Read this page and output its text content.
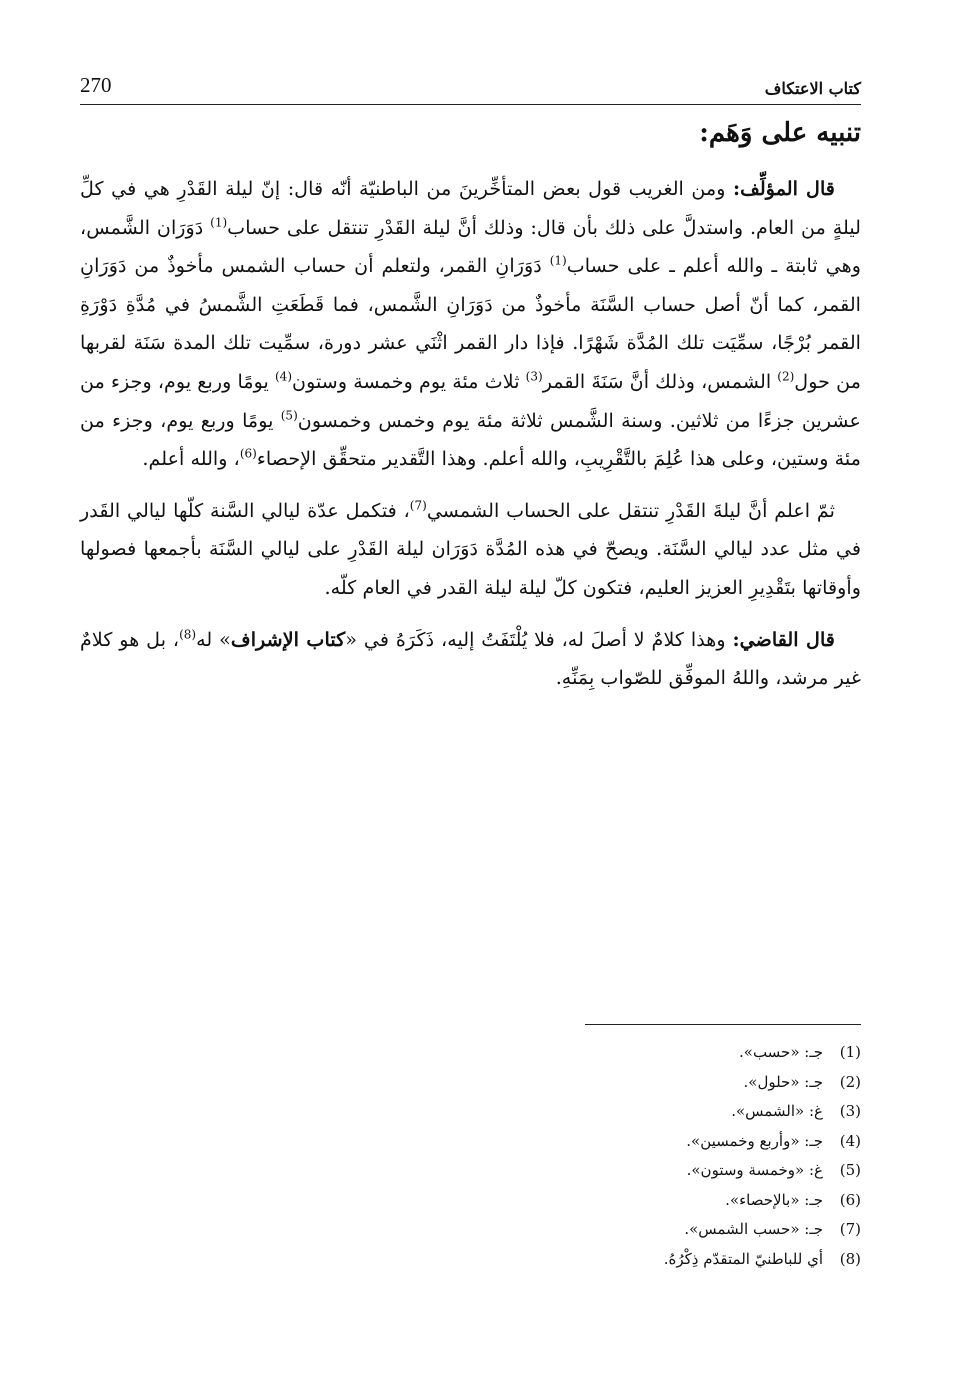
270	كتاب الاعتكاف
تنبيه على وَهَم:

قال المؤلِّف: ومن الغريب قول بعض المتأخِّرينَ من الباطنيّة أنّه قال: إنّ ليلة القَدْرِ هي في كلِّ ليلةٍ من العام. واستدلَّ على ذلك بأن قال: وذلك أنَّ ليلة القَدْرِ تنتقل على حساب$^{(1)}$ دَوَرَان الشَّمس، وهي ثابتة ـ والله أعلم ـ على حساب$^{(1)}$ دَوَرَانِ القمر، ولتعلم أن حساب الشمس مأخوذٌ من دَوَرَانِ القمر، كما أنّ أصل حساب السَّنَة مأخوذٌ من دَوَرَانِ الشَّمس، فما قَطَعَتِ الشَّمسُ في مُدَّةِ دَوْرَةِ القمر بُرْجًا، سمِّيَت تلك المُدَّة شَهْرًا. فإذا دار القمر اثْنَي عشر دورة، سمِّيت تلك المدة سَنَة لقربها من حول$^{(2)}$ الشمس، وذلك أنَّ سَنَةَ القمر$^{(3)}$ ثلاث مئة يوم وخمسة وستون$^{(4)}$ يومًا وربع يوم، وجزء من عشرين جزءًا من ثلاثين. وسنة الشَّمس ثلاثة مئة يوم وخمس وخمسون$^{(5)}$ يومًا وربع يوم، وجزء من مئة وستين، وعلى هذا عُلِمَ بالتَّقْرِيبِ، والله أعلم. وهذا التَّقدير متحقِّق الإحصاء$^{(6)}$، والله أعلم.

ثمّ اعلم أنَّ ليلةَ القَدْرِ تنتقل على الحساب الشمسي$^{(7)}$، فتكمل عدّة ليالي السَّنة كلّها ليالي القَدر في مثل عدد ليالي السَّنَة. ويصحّ في هذه المُدَّة دَوَرَان ليلة القَدْرِ على ليالي السَّنَة بأجمعها فصولها وأوقاتها بتَقْدِيرِ العزيز العليم، فتكون كلّ ليلة ليلة القدر في العام كلّه.

قال القاضي: وهذا كلامٌ لا أصلَ له، فلا يُلْتَفَتُ إليه، ذَكَرَهُ في «كتاب الإشراف» له$^{(8)}$، بل هو كلامٌ غير مرشد، واللهُ الموفِّق للصّواب بِمَنِّهِ.

(1)جـ: «حسب».
(2)جـ: «حلول».
(3)غ: «الشمس».
(4)جـ: «وأربع وخمسين».
(5)غ: «وخمسة وستون».
(6)جـ: «بالإحصاء».
(7)جـ: «حسب الشمس».
(8)أي للباطنيّ المتقدّم ذِكْرُهُ.
